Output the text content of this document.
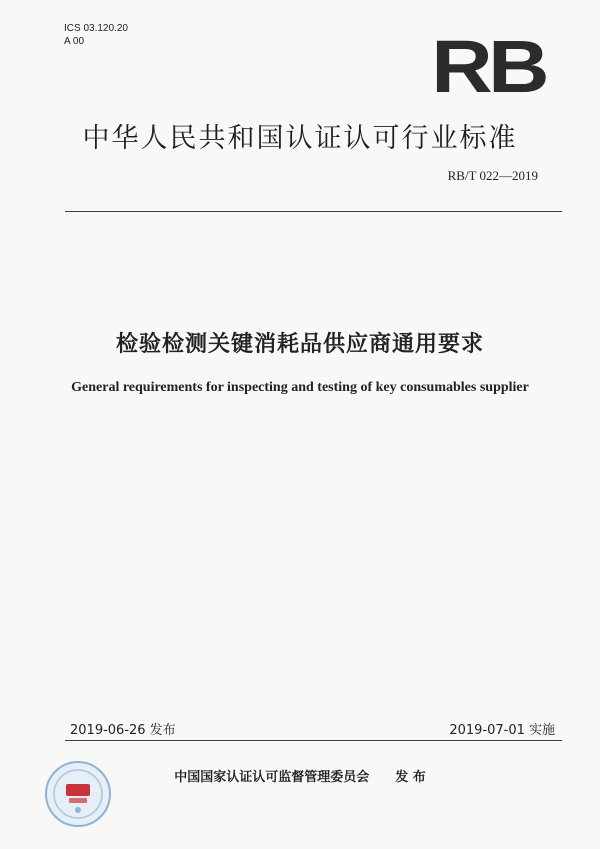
ICS 03.120.20
A 00	RB
中华人民共和国认证认可行业标准
RB/T 022—2019
检验检测关键消耗品供应商通用要求
General requirements for inspecting and testing of key consumables supplier
2019-06-26 发布	2019-07-01 实施
中国国家认证认可监督管理委员会 发 布
